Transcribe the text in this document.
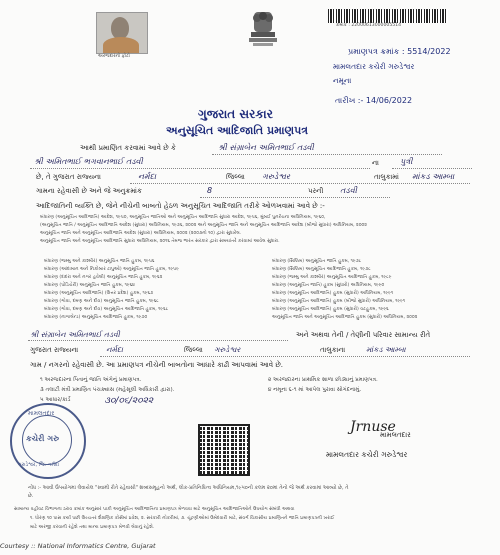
અરજદારનો ફોટો
ક્રમાંક : 22000613000005514
પ્રમાણપત્ર ક્રમાંક : 5514/2022
મામલતદાર કચેરી ગરુડેશ્વર
નમૂના
તારીખ :- 14/06/2022
ગુજરાત સરકાર
અનુસૂચિત આદિજાતિ પ્રમાણપત્ર
આથી પ્રમાણિત કરવામાં આવે છે કે	શ્રી સંગ્રાબેન અમિતભાઈ તડવી
શ્રી અમિતભાઈ ભગવાનભાઈ તડવી	ના	પુત્રી
છે, તે ગુજરાત રાજ્યના	નર્મદા	જિલ્લા ગરુડેશ્વર	તાલુકામાં માંકડ આમ્બા
ગામના રહેવાસી છે અને જે અનુક્રમાંક	8	પરની તડવી
આદિજાતિની વ્યક્તિ છે, જેને નીચેની બાબતો હેઠળ અનુસૂચિત આદિજાતિ તરીકે ઓળખવામાં આવે છે :-
બંધારણ (અનુસૂચિત આદિજાતિ) આદેશ, ૧૯૫૦, અનુસૂચિત જાતિઓ અને અનુસૂચિત આદિજાતિ સુધારા આદેશ, ૧૯૫૬, મુંબઈ પુનર્રચના અધિનિયમ, ૧૯૬૦,
(અનુસૂચિત જાતિ / અનુસૂચિત આદિજાતિ આદેશ (સુધારા) અધિનિયમ, ૧૯૭૬, ૨૦૦૨ અને અનુસૂચિત જાતિ અને અનુસૂચિત આદિજાતિ આદેશ (બીજો સુધારા) અધિનિયમ, ૨૦૦૨
અનુસૂચિત જાતિ અને અનુસૂચિત આદિજાતિ આદેશ (સુધારા) અધિનિયમ, ૨૦૦૨ (૨૦૦૩નો ૧૦) દ્વારા સુધારેલ.
અનુસૂચિત જાતિ અને અનુસૂચિત આદિજાતિ સુધારા અધિનિયમ, ૨૦૧૬ તેમજ ભારત સરકાર દ્વારા સમયાંતરે કરવામાં આવેલ સુધારા.
બંધારણ (જમ્મુ અને કાશ્મીર) અનુસૂચિત જાતિ હુકમ, ૧૯૫૬
બંધારણ (આંદામાન અને નિકોબાર ટાપુઓ) અનુસૂચિત જાતિ હુકમ, ૧૯૫૯
બંધારણ (દાદરા અને નગર હવેલી) અનુસૂચિત જાતિ હુકમ, ૧૯૬૨
બંધારણ (પોંડિચેરી) અનુસૂચિત જાતિ હુકમ, ૧૯૬૪
બંધારણ (અનુસૂચિત આદિજાતિ) (ઉત્તર પ્રદેશ) હુકમ, ૧૯૬૭
બંધારણ (ગોવા, દમણ અને દીવ) અનુસૂચિત જાતિ હુકમ, ૧૯૬૮
બંધારણ (ગોવા, દમણ અને દીવ) અનુસૂચિત આદિજાતિ હુકમ, ૧૯૬૮
બંધારણ (નાગાલેન્ડ) અનુસૂચિત આદિજાતિ હુકમ, ૧૯૭૦
બંધારણ (સિક્કિમ) અનુસૂચિત જાતિ હુકમ, ૧૯૭૮
બંધારણ (સિક્કિમ) અનુસૂચિત આદિજાતિ હુકમ, ૧૯૭૮
બંધારણ (જમ્મુ અને કાશ્મીર) અનુસૂચિત આદિજાતિ હુકમ, ૧૯૮૯
બંધારણ (અનુસૂચિત જાતિ) હુકમ (સુધારો) અધિનિયમ, ૧૯૯૦
બંધારણ (અનુસૂચિત આદિજાતિ) હુકમ (સુધારો) અધિનિયમ, ૧૯૯૧
બંધારણ (અનુસૂચિત આદિજાતિ) હુકમ (બીજો સુધારો) અધિનિયમ, ૧૯૯૧
બંધારણ (અનુસૂચિત આદિજાતિ) હુકમ (સુધારો) વટહુકમ, ૧૯૯૬
અનુસૂચિત જાતિ અને અનુસૂચિત આદિજાતિ હુકમ (સુધારો) અધિનિયમ, ૨૦૦૨
શ્રી સંગ્રાબેન અમિતભાઈ તડવી	અને અથવા તેની / તેણીની પરિવાર સામાન્ય રીતે
ગુજરાત રાજ્યના	નર્મદા	જિલ્લા ગરુડેશ્વર	તાલુકાના	માંકડ આમ્બા
ગામ / નગરનો રહેવાસી છે. આ પ્રમાણપત્ર નીચેની બાબતોના આધારે કાઢી આપવામાં આવે છે.
૧ અરજદારના પિતાનું જાતિ અંગેનું પ્રમાણપત્ર.	૨ અરજદારના પ્રાથમિક શાળા છોડ્યાનું પ્રમાણપત્ર.
૩ તલાટી મંત્રી પ્રમાણિત પંચક્યાસ (મહેસૂલી અધિકારી દ્વારા).	૪ નમૂના ૬-૧ માં આપેલ પુરાવા સોગંદનામું.
૫ આધાર/કાર્ડ	૩૦/૦૬/૨૦૨૨
મામલતદાર
કચેરી ગરુ
ગરુડેશ્વર, જિ. નર્મદા
Jrnuse
મામલતદાર
મામલતદાર કચેરી ગરુડેશ્વર
નોંધ :- આવી ઉપયોગમાં લેવાયેલ "સ્વામી રીતે રહેવાસી" શબ્દસમૂહનો અર્થ, લોક-પ્રતિનિધિત્વ અધિનિયમ,૧૯૫૦ની કલમ ૨૦માં તેનો જે અર્થ કરવામાં આવ્યો છે, તે
છે.
સામાન્ય વહીવટ વિભાગના ઠરાવ ક્રમાંક અનુસાર પાકી અનુસૂચિત આદિજાતિના પ્રમાણપત્ર મેળવવા માટે અનુસૂચિત આદિજાતિઓને ઉપયોગ સંબંધી અથવા
૧. ધોરણ ૧૦ પાસ કર્યા પછી ઉચ્ચતર શૈક્ષણિક કોર્સમાં પ્રવેશ, ૨. સરકારી નોકરીમાં, ૩. ચૂંટણીઓમાં ઉમેદવારી માટે, સંવર્ગ વિકાસીય પ્રમાણિતને જાતિ પ્રમાણપત્રની ખરાઈ
માટે અરજી કરવાની રહેશે તથા માન્ય પ્રમાણપત્ર મેળવી લેવાનું રહેશે.
Courtesy :: National Informatics Centre, Gujarat
